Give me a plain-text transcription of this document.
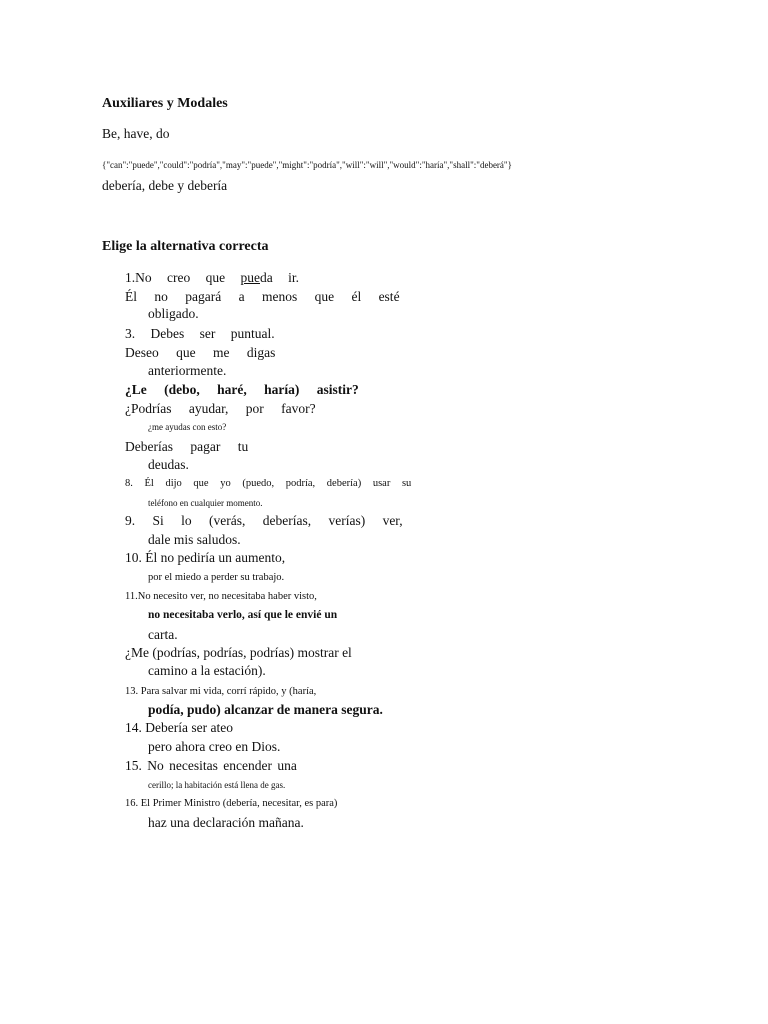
Auxiliares y Modales
Be, have, do
{"can":"puede","could":"podría","may":"puede","might":"podría","will":"will","would":"haría","shall":"deberá"}
debería, debe y debería
Elige la alternativa correcta
1.No creo que pueda ir.
Él no pagará a menos que él esté
obligado.
3. Debes ser puntual.
Deseo que me digas
anteriormente.
¿Le (debo, haré, haría) asistir?
¿Podrías ayudar, por favor?
¿me ayudas con esto?
Deberías pagar tu
deudas.
8. Él dijo que yo (puedo, podría, debería) usar su
teléfono en cualquier momento.
9. Si lo (verás, deberías, verías) ver,
dale mis saludos.
10. Él no pediría un aumento,
por el miedo a perder su trabajo.
11.No necesito ver, no necesitaba haber visto,
no necesitaba verlo, así que le envié un
carta.
¿Me (podrías, podrías, podrías) mostrar el
camino a la estación).
13. Para salvar mi vida, corrí rápido, y (haría,
podía, pudo) alcanzar de manera segura.
14. Debería ser ateo
pero ahora creo en Dios.
15. No necesitas encender una
cerillo; la habitación está llena de gas.
16. El Primer Ministro (debería, necesitar, es para)
haz una declaración mañana.
